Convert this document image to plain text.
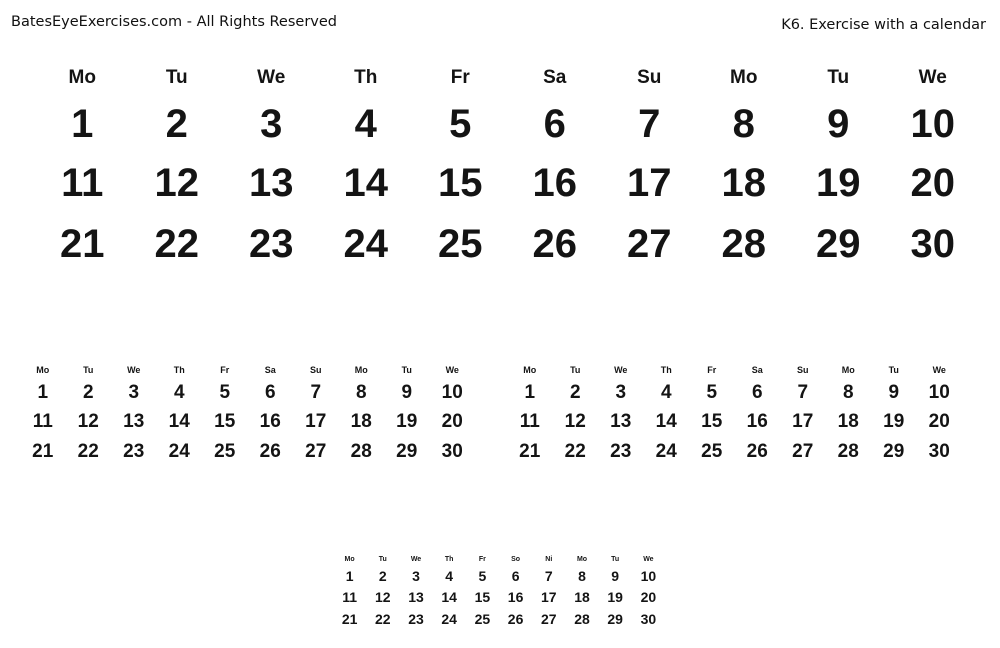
BatesEyeExercises.com - All Rights Reserved	K6. Exercise with a calendar
Mo	Tu	We	Th	Fr	Sa	Su	Mo	Tu	We
1	2	3	4	5	6	7	8	9	10
11	12	13	14	15	16	17	18	19	20
21	22	23	24	25	26	27	28	29	30
Mo	Tu	We	Th	Fr	Sa	Su	Mo	Tu	We
1	2	3	4	5	6	7	8	9	10
11	12	13	14	15	16	17	18	19	20
21	22	23	24	25	26	27	28	29	30
Mo	Tu	We	Th	Fr	Sa	Su	Mo	Tu	We
1	2	3	4	5	6	7	8	9	10
11	12	13	14	15	16	17	18	19	20
21	22	23	24	25	26	27	28	29	30
Mo	Tu	We	Th	Fr	So	Ni	Mo	Tu	We
1	2	3	4	5	6	7	8	9	10
11	12	13	14	15	16	17	18	19	20
21	22	23	24	25	26	27	28	29	30
